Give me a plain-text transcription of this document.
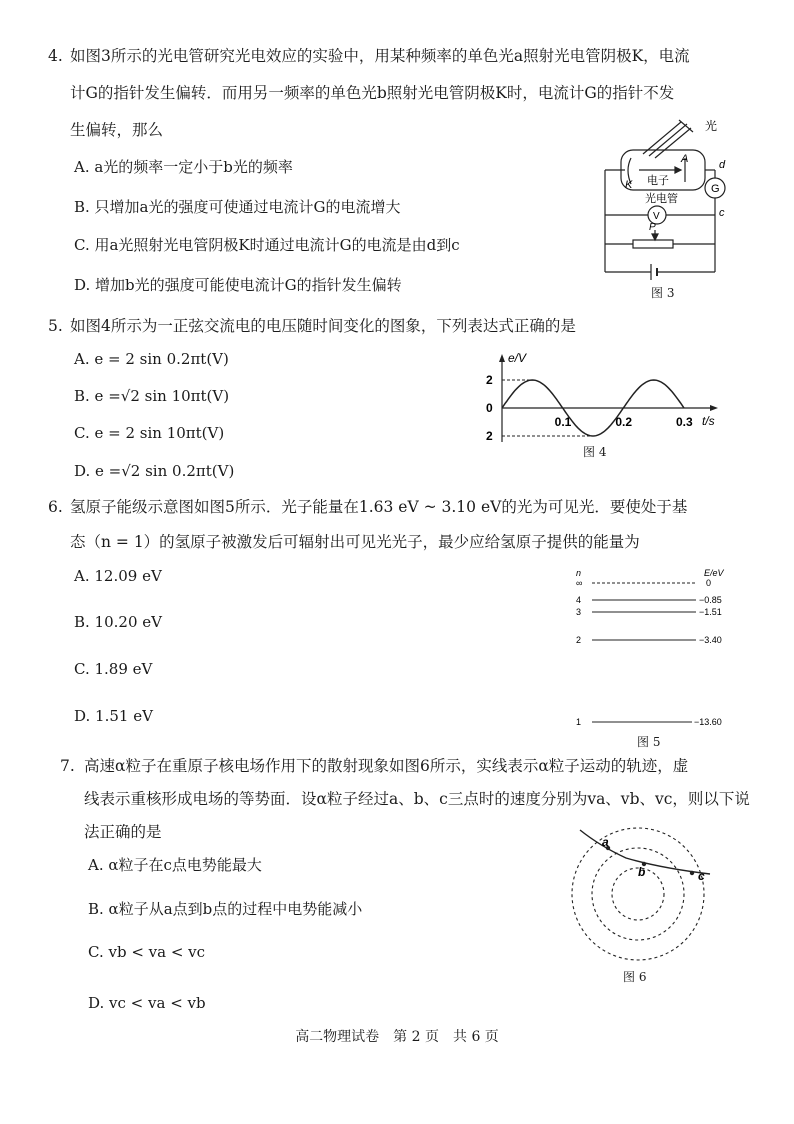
4. 如图3所示的光电管研究光电效应的实验中，用某种频率的单色光a照射光电管阴极K，电流
计G的指针发生偏转．而用另一频率的单色光b照射光电管阴极K时，电流计G的指针不发
生偏转，那么
A. a光的频率一定小于b光的频率
B. 只增加a光的强度可使通过电流计G的电流增大
C. 用a光照射光电管阴极K时通过电流计G的电流是由d到c
D. 增加b光的强度可能使电流计G的指针发生偏转
光
A
K 电子
光电管
G
V
d
c
P
图 3
5. 如图4所示为一正弦交流电的电压随时间变化的图象，下列表达式正确的是
A. e = 2 sin 0.2πt(V)
B. e =√2 sin 10πt(V)
C. e = 2 sin 10πt(V)
D. e =√2 sin 0.2πt(V)
2
0
2
0.1	0.2	0.3
e/V
t/s
图 4
6. 氢原子能级示意图如图5所示．光子能量在1.63 eV ~ 3.10 eV的光为可见光．要使处于基
态（n = 1）的氢原子被激发后可辐射出可见光光子，最少应给氢原子提供的能量为
A. 12.09 eV
B. 10.20 eV
C. 1.89 eV
D. 1.51 eV
n	E/eV
∞	0
4	−0.85
3	−1.51
2	−3.40
1	−13.60
图 5
7. 高速α粒子在重原子核电场作用下的散射现象如图6所示，实线表示α粒子运动的轨迹，虚
线表示重核形成电场的等势面．设α粒子经过a、b、c三点时的速度分别为va、vb、vc，则以下说
法正确的是
A. α粒子在c点电势能最大
B. α粒子从a点到b点的过程中电势能减小
C. vb < va < vc
D. vc < va < vb
a
b	c
图 6
高二物理试卷　第 2 页　共 6 页
